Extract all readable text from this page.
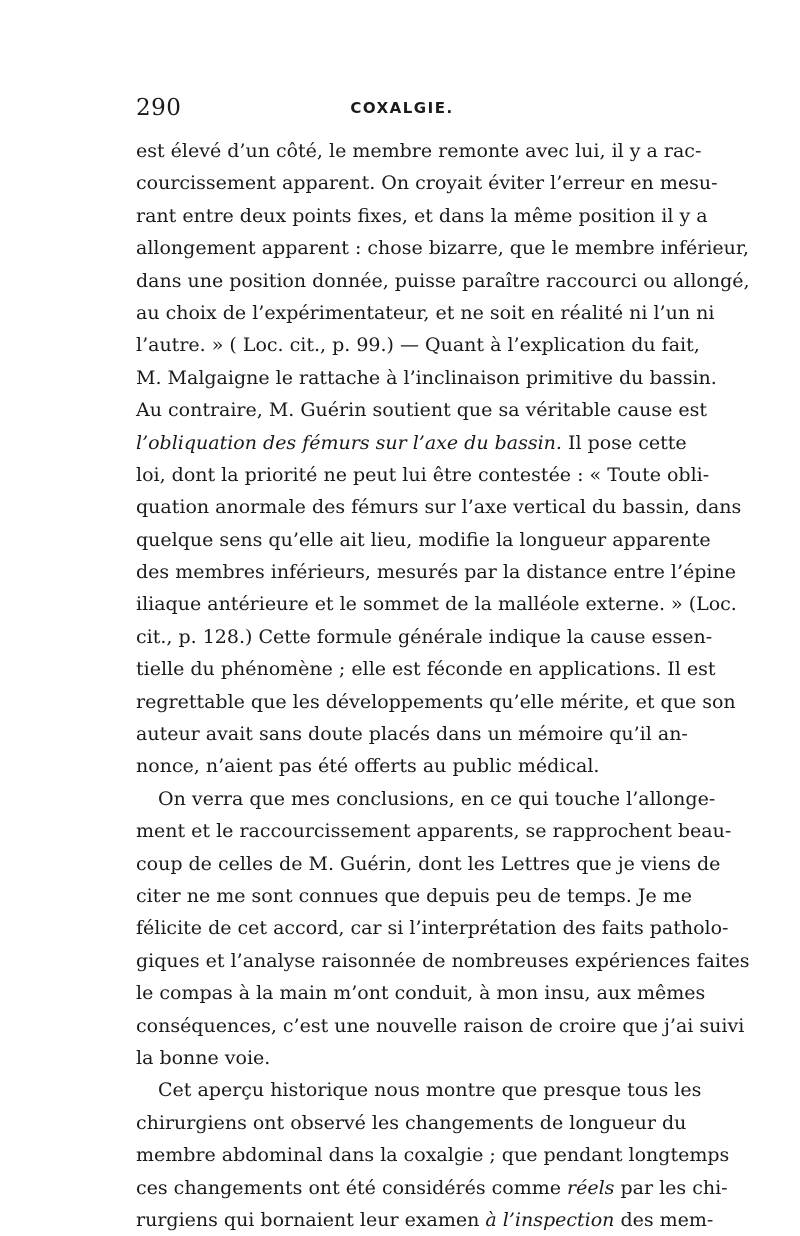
290	COXALGIE.
est élevé d’un côté, le membre remonte avec lui, il y a rac-
courcissement apparent. On croyait éviter l’erreur en mesu-
rant entre deux points fixes, et dans la même position il y a
allongement apparent : chose bizarre, que le membre inférieur,
dans une position donnée, puisse paraître raccourci ou allongé,
au choix de l’expérimentateur, et ne soit en réalité ni l’un ni
l’autre. » ( Loc. cit., p. 99.) — Quant à l’explication du fait,
M. Malgaigne le rattache à l’inclinaison primitive du bassin.
Au contraire, M. Guérin soutient que sa véritable cause est
l’obliquation des fémurs sur l’axe du bassin. Il pose cette
loi, dont la priorité ne peut lui être contestée : « Toute obli-
quation anormale des fémurs sur l’axe vertical du bassin, dans
quelque sens qu’elle ait lieu, modifie la longueur apparente
des membres inférieurs, mesurés par la distance entre l’épine
iliaque antérieure et le sommet de la malléole externe. » (Loc.
cit., p. 128.) Cette formule générale indique la cause essen-
tielle du phénomène ; elle est féconde en applications. Il est
regrettable que les développements qu’elle mérite, et que son
auteur avait sans doute placés dans un mémoire qu’il an-
nonce, n’aient pas été offerts au public médical.
On verra que mes conclusions, en ce qui touche l’allonge-
ment et le raccourcissement apparents, se rapprochent beau-
coup de celles de M. Guérin, dont les Lettres que je viens de
citer ne me sont connues que depuis peu de temps. Je me
félicite de cet accord, car si l’interprétation des faits patholo-
giques et l’analyse raisonnée de nombreuses expériences faites
le compas à la main m’ont conduit, à mon insu, aux mêmes
conséquences, c’est une nouvelle raison de croire que j’ai suivi
la bonne voie.
Cet aperçu historique nous montre que presque tous les
chirurgiens ont observé les changements de longueur du
membre abdominal dans la coxalgie ; que pendant longtemps
ces changements ont été considérés comme réels par les chi-
rurgiens qui bornaient leur examen à l’inspection des mem-
